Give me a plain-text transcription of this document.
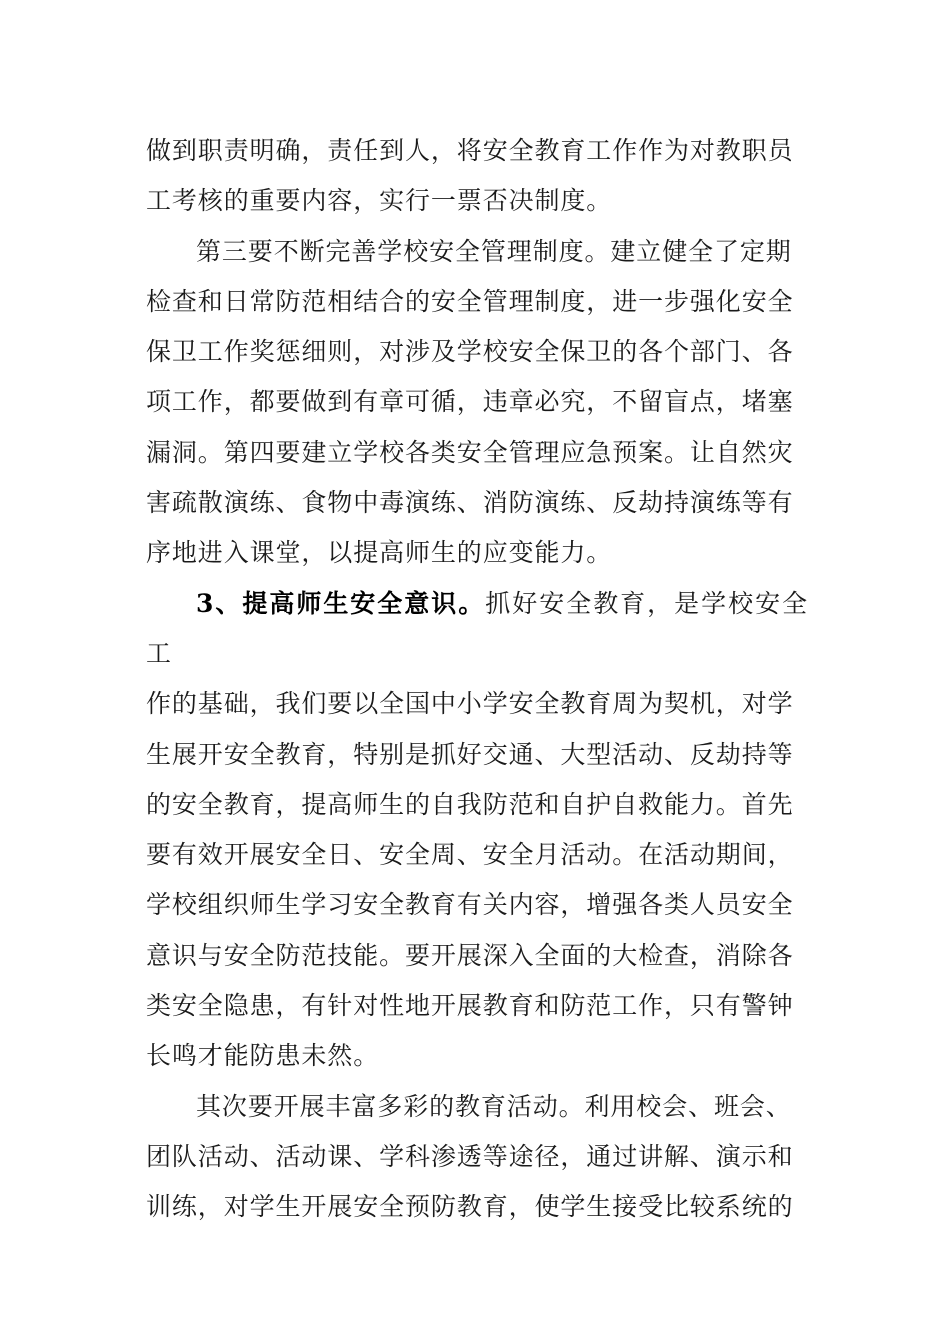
做到职责明确，责任到人，将安全教育工作作为对教职员
工考核的重要内容，实行一票否决制度。
第三要不断完善学校安全管理制度。建立健全了定期
检查和日常防范相结合的安全管理制度，进一步强化安全
保卫工作奖惩细则，对涉及学校安全保卫的各个部门、各
项工作，都要做到有章可循，违章必究，不留盲点，堵塞
漏洞。第四要建立学校各类安全管理应急预案。让自然灾
害疏散演练、食物中毒演练、消防演练、反劫持演练等有
序地进入课堂，以提高师生的应变能力。
3、提高师生安全意识。抓好安全教育，是学校安全工
作的基础，我们要以全国中小学安全教育周为契机，对学
生展开安全教育，特别是抓好交通、大型活动、反劫持等
的安全教育，提高师生的自我防范和自护自救能力。首先
要有效开展安全日、安全周、安全月活动。在活动期间，
学校组织师生学习安全教育有关内容，增强各类人员安全
意识与安全防范技能。要开展深入全面的大检查，消除各
类安全隐患，有针对性地开展教育和防范工作，只有警钟
长鸣才能防患未然。
其次要开展丰富多彩的教育活动。利用校会、班会、
团队活动、活动课、学科渗透等途径，通过讲解、演示和
训练，对学生开展安全预防教育，使学生接受比较系统的
